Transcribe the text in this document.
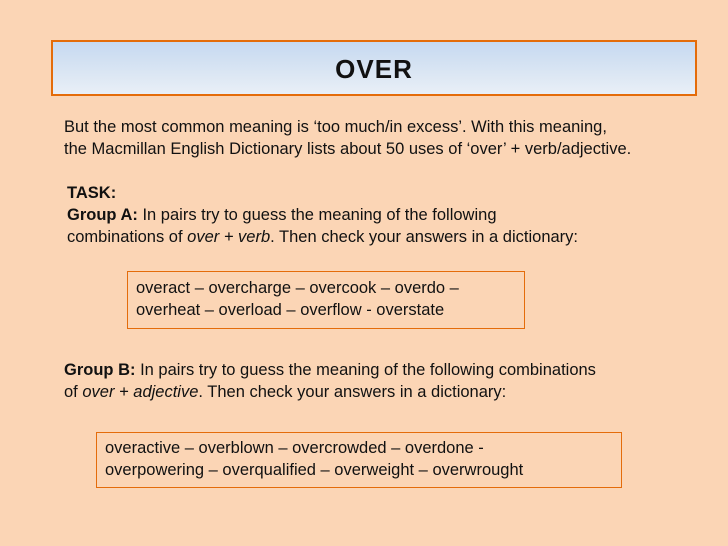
OVER
But the most common meaning is ‘too much/in excess’. With this meaning,
the Macmillan English Dictionary lists about 50 uses of ‘over’ + verb/adjective.
TASK:
Group A: In pairs try to guess the meaning of the following
combinations of over + verb. Then check your answers in a dictionary:
overact – overcharge – overcook – overdo –
overheat – overload – overflow - overstate
Group B: In pairs try to guess the meaning of the following combinations
of over + adjective. Then check your answers in a dictionary:
overactive – overblown – overcrowded – overdone -
overpowering – overqualified – overweight – overwrought
